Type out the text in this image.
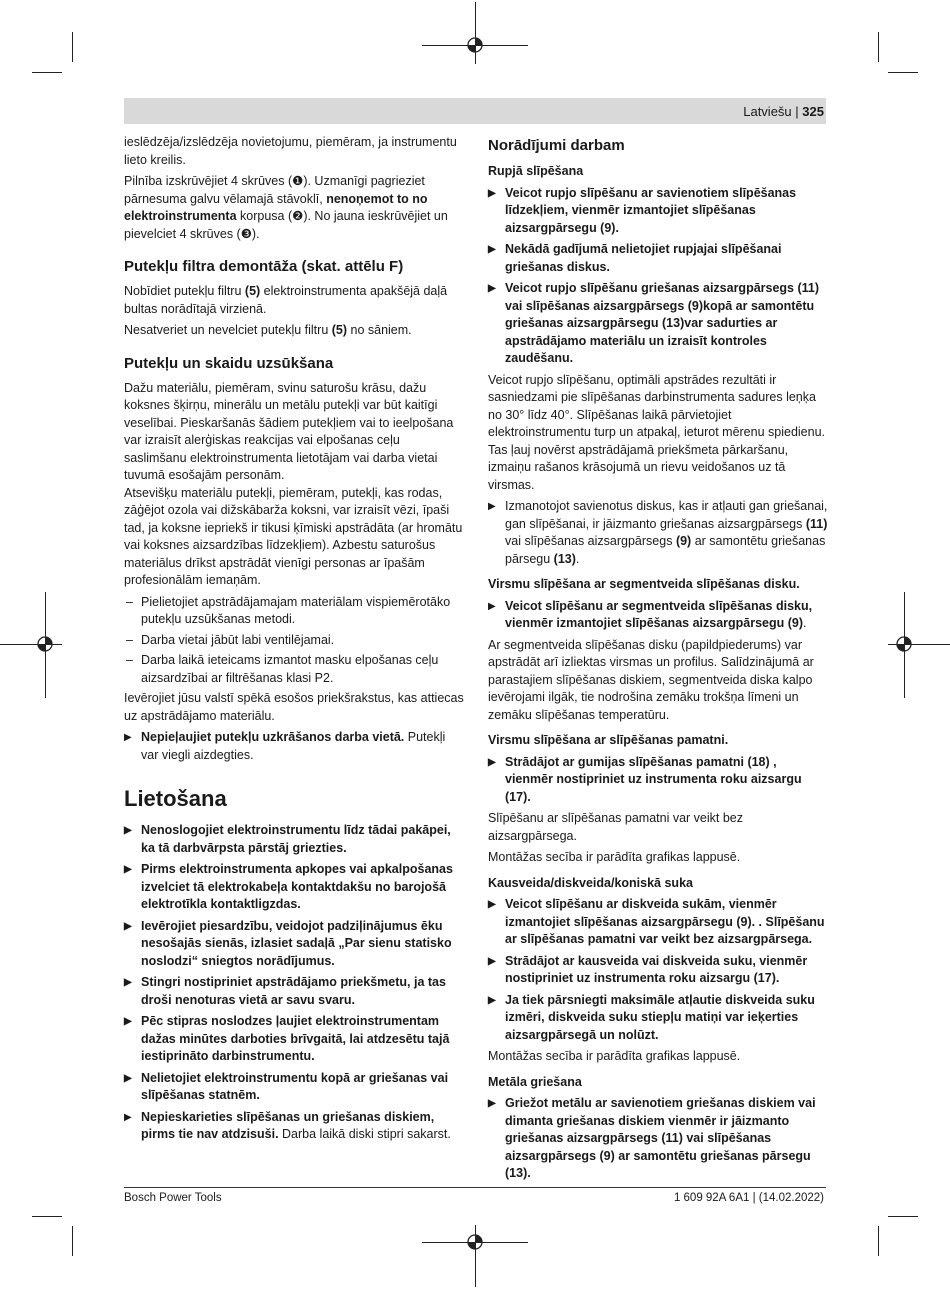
Latviešu | 325

ieslēdzēja/izslēdzēja novietojumu, piemēram, ja instrumentu lieto kreilis.

Pilnība izskrūvējiet 4 skrūves (❶). Uzmanīgi pagrieziet pārnesuma galvu vēlamajā stāvoklī, nenoņemot to no elektroinstrumenta korpusa (❷). No jauna ieskrūvējiet un pievelciet 4 skrūves (❸).

Putekļu filtra demontāža (skat. attēlu F)

Nobīdiet putekļu filtru (5) elektroinstrumenta apakšējā daļā bultas norādītajā virzienā.

Nesatveriet un nevelciet putekļu filtru (5) no sāniem.

Putekļu un skaidu uzsūkšana

Dažu materiālu, piemēram, svinu saturošu krāsu, dažu koksnes šķirņu, minerālu un metālu putekļi var būt kaitīgi veselībai. Pieskaršanās šādiem putekļiem vai to ieelpošana var izraisīt alerģiskas reakcijas vai elpošanas ceļu saslimšanu elektroinstrumenta lietotājam vai darba vietai tuvumā esošajām personām.

Atsevišķu materiālu putekļi, piemēram, putekļi, kas rodas, zāģējot ozola vai dižskābarža koksni, var izraisīt vēzi, īpaši tad, ja koksne iepriekš ir tikusi ķīmiski apstrādāta (ar hromātu vai koksnes aizsardzības līdzekļiem). Azbestu saturošus materiālus drīkst apstrādāt vienīgi personas ar īpašām profesionālām iemaņām.

– Pielietojiet apstrādājamajam materiālam vispiemērotāko putekļu uzsūkšanas metodi.
– Darba vietai jābūt labi ventilējamai.
– Darba laikā ieteicams izmantot masku elpošanas ceļu aizsardzībai ar filtrēšanas klasi P2.

Ievērojiet jūsu valstī spēkā esošos priekšrakstus, kas attiecas uz apstrādājamo materiālu.

▶ Nepieļaujiet putekļu uzkrāšanos darba vietā. Putekļi var viegli aizdegties.
Lietošana
▶ Nenoslogojiet elektroinstrumentu līdz tādai pakāpei, ka tā darbvārpsta pārstāj griezties.
▶ Pirms elektroinstrumenta apkopes vai apkalpošanas izvelciet tā elektrokabeļa kontaktdakšu no barojošā elektrotīkla kontaktligzdas.
▶ Ievērojiet piesardzību, veidojot padziļinājumus ēku nesošajās sienās, izlasiet sadaļā „Par sienu statisko noslodzi“ sniegtos norādījumus.
▶ Stingri nostipriniet apstrādājamo priekšmetu, ja tas droši nenoturas vietā ar savu svaru.
▶ Pēc stipras noslodzes ļaujiet elektroinstrumentam dažas minūtes darboties brīvgaitā, lai atdzesētu tajā iestiprināto darbinstrumentu.
▶ Nelietojiet elektroinstrumentu kopā ar griešanas vai slīpēšanas statnēm.
▶ Nepieskarieties slīpēšanas un griešanas diskiem, pirms tie nav atdzisuši. Darba laikā diski stipri sakarst.
Norādījumi darbam
Rupjā slīpēšana
▶ Veicot rupjo slīpēšanu ar savienotiem slīpēšanas līdzekļiem, vienmēr izmantojiet slīpēšanas aizsargpārsegu (9).
▶ Nekādā gadījumā nelietojiet rupjajai slīpēšanai griešanas diskus.
▶ Veicot rupjo slīpēšanu griešanas aizsargpārsegs (11) vai slīpēšanas aizsargpārsegs (9)kopā ar samontētu griešanas aizsargpārsegu (13)var sadurties ar apstrādājamo materiālu un izraisīt kontroles zaudēšanu.

Veicot rupjo slīpēšanu, optimāli apstrādes rezultāti ir sasniedzami pie slīpēšanas darbinstrumenta sadures leņķa no 30° līdz 40°. Slīpēšanas laikā pārvietojiet elektroinstrumentu turp un atpakaļ, ieturot mērenu spiedienu. Tas ļauj novērst apstrādājamā priekšmeta pārkaršanu, izmaiņu rašanos krāsojumā un rievu veidošanos uz tā virsmas.

▶ Izmanotojot savienotus diskus, kas ir atļauti gan griešanai, gan slīpēšanai, ir jāizmanto griešanas aizsargpārsegs (11) vai slīpēšanas aizsargpārsegs (9) ar samontētu griešanas pārsegu (13).
Virsmu slīpēšana ar segmentveida slīpēšanas disku.
▶ Veicot slīpēšanu ar segmentveida slīpēšanas disku, vienmēr izmantojiet slīpēšanas aizsargpārsegu (9).

Ar segmentveida slīpēšanas disku (papildpiederums) var apstrādāt arī izliektas virsmas un profilus. Salīdzinājumā ar parastajiem slīpēšanas diskiem, segmentveida diska kalpo ievērojami ilgāk, tie nodrošina zemāku trokšņa līmeni un zemāku slīpēšanas temperatūru.

Virsmu slīpēšana ar slīpēšanas pamatni.
▶ Strādājot ar gumijas slīpēšanas pamatni (18) , vienmēr nostipriniet uz instrumenta roku aizsargu (17).

Slīpēšanu ar slīpēšanas pamatni var veikt bez aizsargpārsega.

Montāžas secība ir parādīta grafikas lappusē.

Kausveida/diskveida/koniskā suka
▶ Veicot slīpēšanu ar diskveida sukām, vienmēr izmantojiet slīpēšanas aizsargpārsegu (9). . Slīpēšanu ar slīpēšanas pamatni var veikt bez aizsargpārsega.
▶ Strādājot ar kausveida vai diskveida suku, vienmēr nostipriniet uz instrumenta roku aizsargu (17).
▶ Ja tiek pārsniegti maksimāle atļautie diskveida suku izmēri, diskveida suku stiepļu matiņi var ieķerties aizsargpārsegā un nolūzt.

Montāžas secība ir parādīta grafikas lappusē.

Metāla griešana
▶ Griežot metālu ar savienotiem griešanas diskiem vai dimanta griešanas diskiem vienmēr ir jāizmanto griešanas aizsargpārsegs (11) vai slīpēšanas aizsargpārsegs (9) ar samontētu griešanas pārsegu (13).
Bosch Power Tools	1 609 92A 6A1 | (14.02.2022)
